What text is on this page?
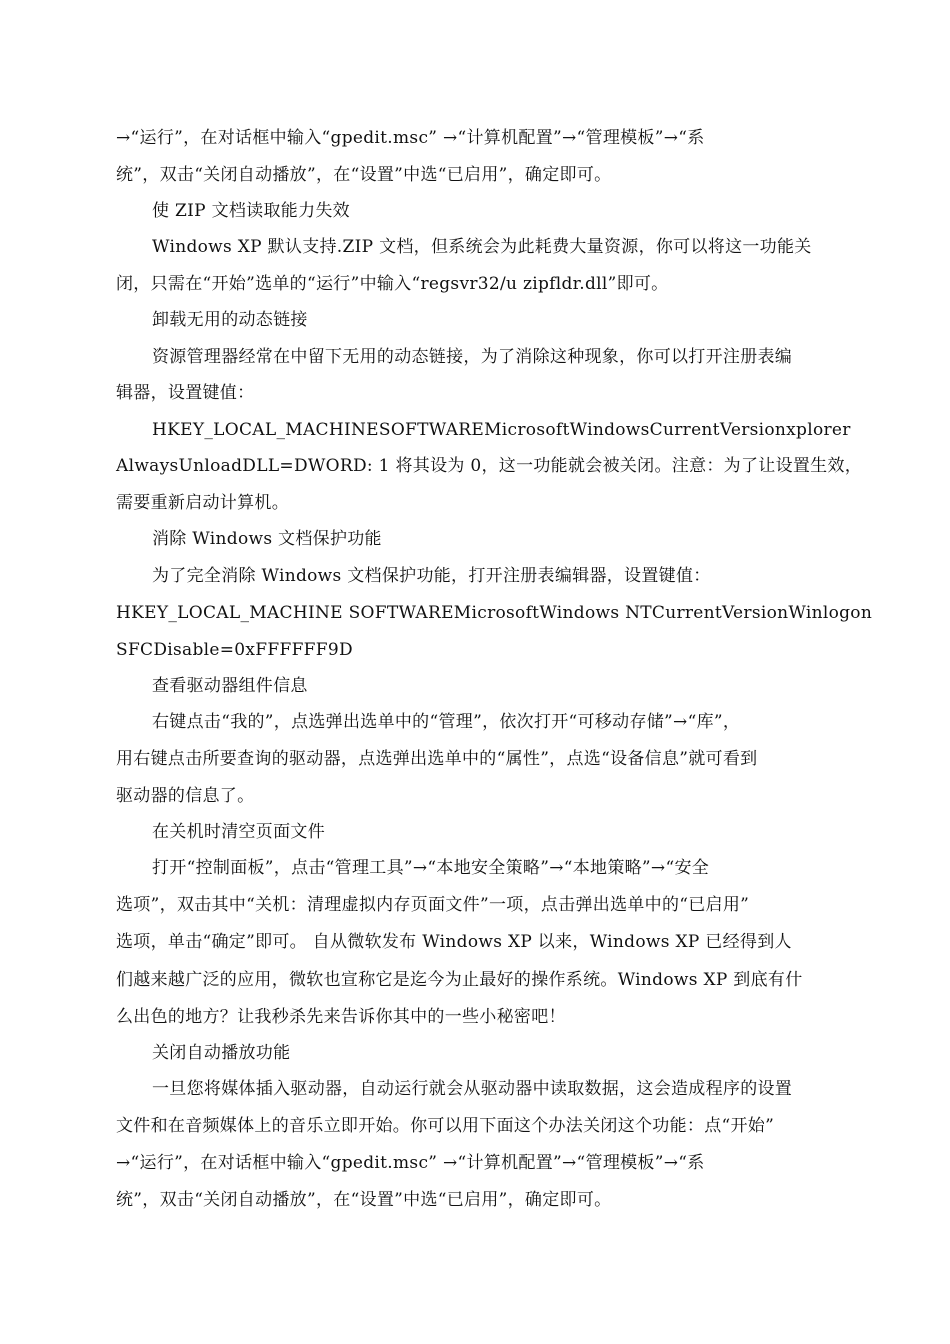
→“运行”，在对话框中输入“gpedit.msc” →“计算机配置”→“管理模板”→“系
统”，双击“关闭自动播放”，在“设置”中选“已启用”，确定即可。
使 ZIP 文档读取能力失效
Windows XP 默认支持.ZIP 文档，但系统会为此耗费大量资源，你可以将这一功能关
闭，只需在“开始”选单的“运行”中输入“regsvr32/u zipfldr.dll”即可。
卸载无用的动态链接
资源管理器经常在中留下无用的动态链接，为了消除这种现象，你可以打开注册表编
辑器，设置键值：
HKEY_LOCAL_MACHINESOFTWAREMicrosoftWindowsCurrentVersionxplorer
AlwaysUnloadDLL=DWORD: 1 将其设为 0，这一功能就会被关闭。注意：为了让设置生效，
需要重新启动计算机。
消除 Windows 文档保护功能
为了完全消除 Windows 文档保护功能，打开注册表编辑器，设置键值：
HKEY_LOCAL_MACHINE SOFTWAREMicrosoftWindows NTCurrentVersionWinlogon
SFCDisable=0xFFFFFF9D
查看驱动器组件信息
右键点击“我的”，点选弹出选单中的“管理”，依次打开“可移动存储”→“库”，
用右键点击所要查询的驱动器，点选弹出选单中的“属性”，点选“设备信息”就可看到
驱动器的信息了。
在关机时清空页面文件
打开“控制面板”，点击“管理工具”→“本地安全策略”→“本地策略”→“安全
选项”，双击其中“关机：清理虚拟内存页面文件”一项，点击弹出选单中的“已启用”
选项，单击“确定”即可。 自从微软发布 Windows XP 以来，Windows XP 已经得到人
们越来越广泛的应用，微软也宣称它是迄今为止最好的操作系统。Windows XP 到底有什
么出色的地方？让我秒杀先来告诉你其中的一些小秘密吧！
关闭自动播放功能
一旦您将媒体插入驱动器，自动运行就会从驱动器中读取数据，这会造成程序的设置
文件和在音频媒体上的音乐立即开始。你可以用下面这个办法关闭这个功能：点“开始”
→“运行”，在对话框中输入“gpedit.msc” →“计算机配置”→“管理模板”→“系
统”，双击“关闭自动播放”，在“设置”中选“已启用”，确定即可。
